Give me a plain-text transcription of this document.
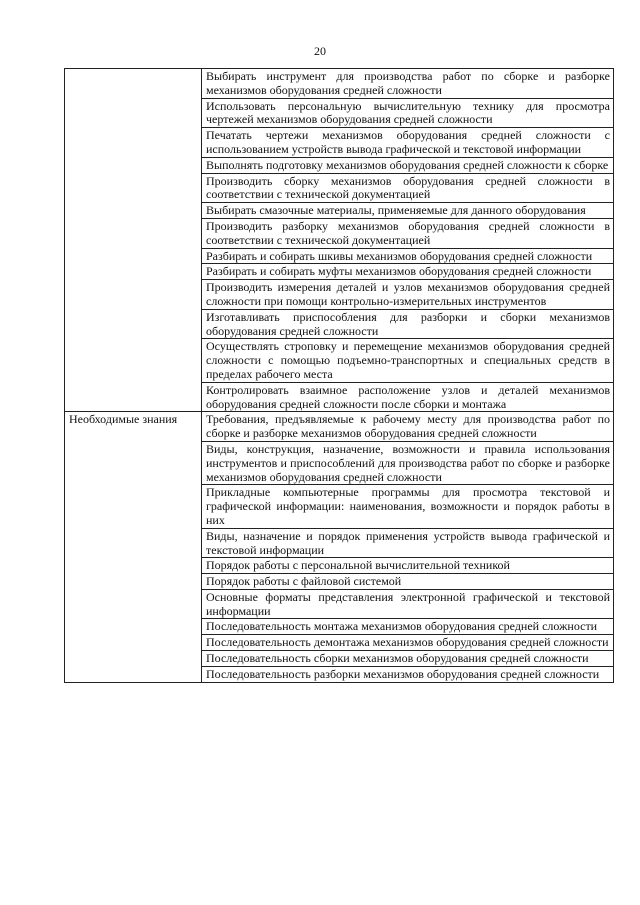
20
	Выбирать инструмент для производства работ по сборке и разборке механизмов оборудования средней сложности
	Использовать персональную вычислительную технику для просмотра чертежей механизмов оборудования средней сложности
	Печатать чертежи механизмов оборудования средней сложности с использованием устройств вывода графической и текстовой информации
	Выполнять подготовку механизмов оборудования средней сложности к сборке
	Производить сборку механизмов оборудования средней сложности в соответствии с технической документацией
	Выбирать смазочные материалы, применяемые для данного оборудования
	Производить разборку механизмов оборудования средней сложности в соответствии с технической документацией
	Разбирать и собирать шкивы механизмов оборудования средней сложности
	Разбирать и собирать муфты механизмов оборудования средней сложности
	Производить измерения деталей и узлов механизмов оборудования средней сложности при помощи контрольно-измерительных инструментов
	Изготавливать приспособления для разборки и сборки механизмов оборудования средней сложности
	Осуществлять строповку и перемещение механизмов оборудования средней сложности с помощью подъемно-транспортных и специальных средств в пределах рабочего места
	Контролировать взаимное расположение узлов и деталей механизмов оборудования средней сложности после сборки и монтажа
Необходимые знания	Требования, предъявляемые к рабочему месту для производства работ по сборке и разборке механизмов оборудования средней сложности
	Виды, конструкция, назначение, возможности и правила использования инструментов и приспособлений для производства работ по сборке и разборке механизмов оборудования средней сложности
	Прикладные компьютерные программы для просмотра текстовой и графической информации: наименования, возможности и порядок работы в них
	Виды, назначение и порядок применения устройств вывода графической и текстовой информации
	Порядок работы с персональной вычислительной техникой
	Порядок работы с файловой системой
	Основные форматы представления электронной графической и текстовой информации
	Последовательность монтажа механизмов оборудования средней сложности
	Последовательность демонтажа механизмов оборудования средней сложности
	Последовательность сборки механизмов оборудования средней сложности
	Последовательность разборки механизмов оборудования средней сложности
